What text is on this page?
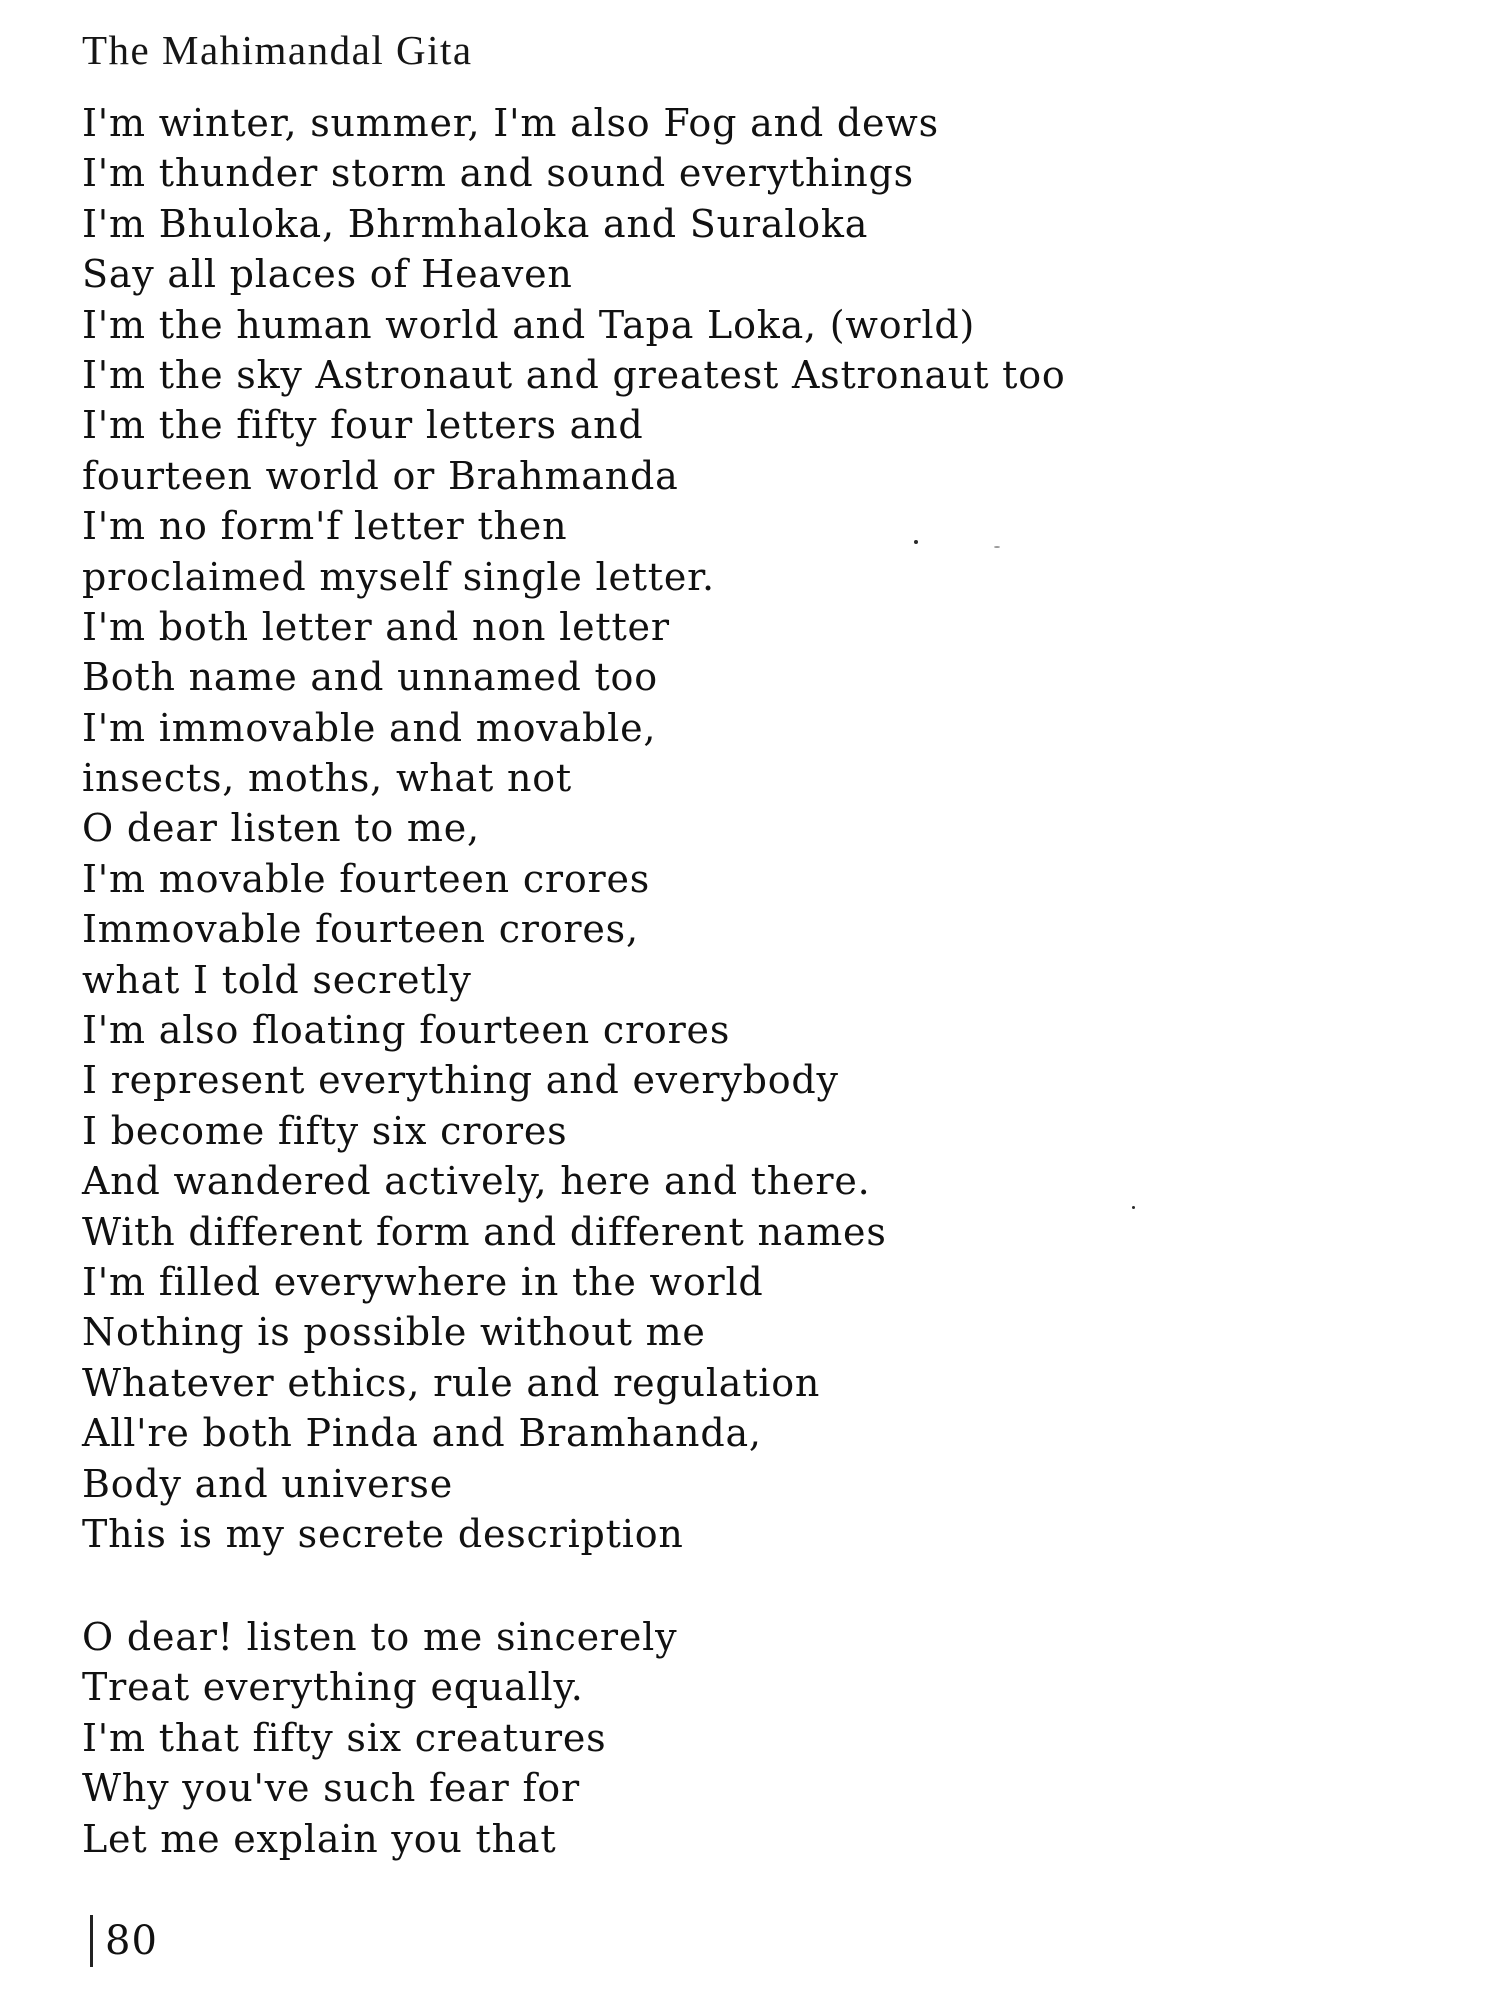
The Mahimandal Gita
I'm winter, summer, I'm also Fog and dews
I'm thunder storm and sound everythings
I'm Bhuloka, Bhrmhaloka and Suraloka
Say all places of Heaven
I'm the human world and Tapa Loka, (world)
I'm the sky Astronaut and greatest Astronaut too
I'm the fifty four letters and
fourteen world or Brahmanda
I'm no form'f letter then
proclaimed myself single letter.
I'm both letter and non letter
Both name and unnamed too
I'm immovable and movable,
insects, moths, what not
O dear listen to me,
I'm movable fourteen crores
Immovable fourteen crores,
what I told secretly
I'm also floating fourteen crores
I represent everything and everybody
I become fifty six crores
And wandered actively, here and there.
With different form and different names
I'm filled everywhere in the world
Nothing is possible without me
Whatever ethics, rule and regulation
All're both Pinda and Bramhanda,
Body and universe
This is my secrete description
O dear! listen to me sincerely
Treat everything equally.
I'm that fifty six creatures
Why you've such fear for
Let me explain you that
80
